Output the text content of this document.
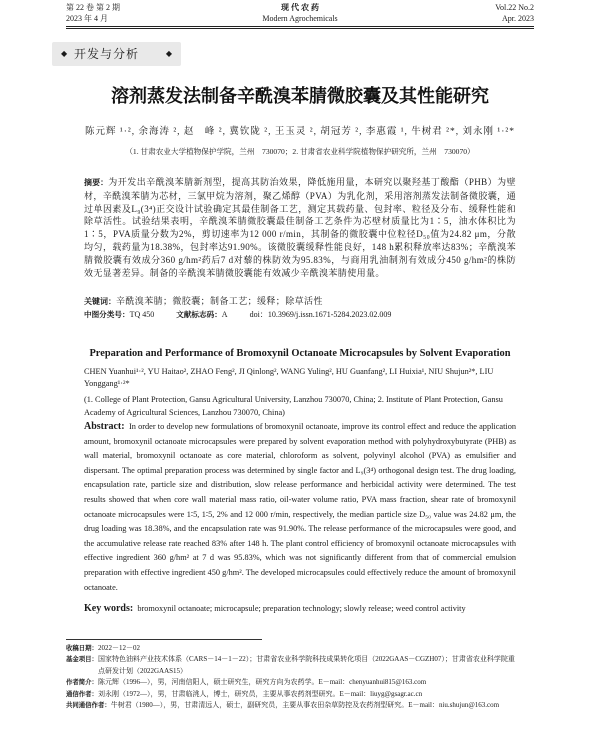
第 22 卷 第 2 期	现 代 农 药	Vol.22 No.2
2023 年 4 月	Modern Agrochemicals	Apr. 2023
◆ 开发与分析	◆
溶剂蒸发法制备辛酰溴苯腈微胶囊及其性能研究
陈元辉 ¹·², 余海涛 ², 赵　峰 ², 冀钦陇 ², 王玉灵 ², 胡冠芳 ², 李惠霞 ¹, 牛树君 ²*, 刘永刚 ¹·²*
（1. 甘肃农业大学植物保护学院，兰州　730070；2. 甘肃省农业科学院植物保护研究所，兰州　730070）
摘要：为开发出辛酰溴苯腈新剂型，提高其防治效果，降低施用量，本研究以聚羟基丁酸酯（PHB）为壁材，辛酰溴苯腈为芯材，三氯甲烷为溶剂，聚乙烯醇（PVA）为乳化剂，采用溶剂蒸发法制备微胶囊，通过单因素及L₉(3⁴)正交设计试验确定其最佳制备工艺，测定其载药量、包封率、粒径及分布、缓释性能和除草活性。试验结果表明，辛酰溴苯腈微胶囊最佳制备工艺条件为芯壁材质量比为1∶5，油水体积比为1∶5，PVA质量分数为2%，剪切速率为12 000 r/min，其制备的微胶囊中位粒径D₅₀值为24.82 μm，分散均匀，载药量为18.38%，包封率达91.90%。该微胶囊缓释性能良好，148 h累积释放率达83%；辛酰溴苯腈微胶囊有效成分360 g/hm²药后7 d对藜的株防效为95.83%，与商用乳油制剂有效成分450 g/hm²的株防效无显著差异。制备的辛酰溴苯腈微胶囊能有效减少辛酰溴苯腈使用量。
关键词：辛酰溴苯腈；微胶囊；制备工艺；缓释；除草活性
中图分类号：TQ 450	文献标志码：A	doi：10.3969/j.issn.1671-5284.2023.02.009
Preparation and Performance of Bromoxynil Octanoate Microcapsules by Solvent Evaporation
CHEN Yuanhui¹·², YU Haitao², ZHAO Feng², JI Qinlong², WANG Yuling², HU Guanfang², LI Huixia¹, NIU Shujun²*, LIU Yonggang¹·²*
(1. College of Plant Protection, Gansu Agricultural University, Lanzhou 730070, China; 2. Institute of Plant Protection, Gansu Academy of Agricultural Sciences, Lanzhou 730070, China)
Abstract: In order to develop new formulations of bromoxynil octanoate, improve its control effect and reduce the application amount, bromoxynil octanoate microcapsules were prepared by solvent evaporation method with polyhydroxybutyrate (PHB) as wall material, bromoxynil octanoate as core material, chloroform as solvent, polyvinyl alcohol (PVA) as emulsifier and dispersant. The optimal preparation process was determined by single factor and L₉(3⁴) orthogonal design test. The drug loading, encapsulation rate, particle size and distribution, slow release performance and herbicidal activity were determined. The test results showed that when core wall material mass ratio, oil-water volume ratio, PVA mass fraction, shear rate of bromoxynil octanoate microcapsules were 1∶5, 1∶5, 2% and 12 000 r/min, respectively, the median particle size D₅₀ value was 24.82 μm, the drug loading was 18.38%, and the encapsulation rate was 91.90%. The release performance of the microcapsules were good, and the accumulative release rate reached 83% after 148 h. The plant control efficiency of bromoxynil octanoate microcapsules with effective ingredient 360 g/hm² at 7 d was 95.83%, which was not significantly different from that of commercial emulsion preparation with effective ingredient 450 g/hm². The developed microcapsules could effectively reduce the amount of bromoxynil octanoate.
Key words: bromoxynil octanoate; microcapsule; preparation technology; slowly release; weed control activity
收稿日期： 2022－12－02
基金项目： 国家特色油料产业技术体系（CARS－14－1－22）；甘肃省农业科学院科技成果转化项目（2022GAAS－CGZH07）；甘肃省农业科学院重
点研发计划（2022GAAS15）
作者简介： 陈元辉（1996—），男，河南信阳人，硕士研究生，研究方向为农药学。E－mail：chenyuanhui815@163.com
通信作者： 刘永刚（1972—），男，甘肃临洮人，博士，研究员，主要从事农药剂型研究。E－mail：liuyg@gsagr.ac.cn
共同通信作者： 牛树君（1980—），男，甘肃清远人，硕士，副研究员，主要从事农田杂草防控及农药剂型研究。E－mail：niu.shujun@163.com
